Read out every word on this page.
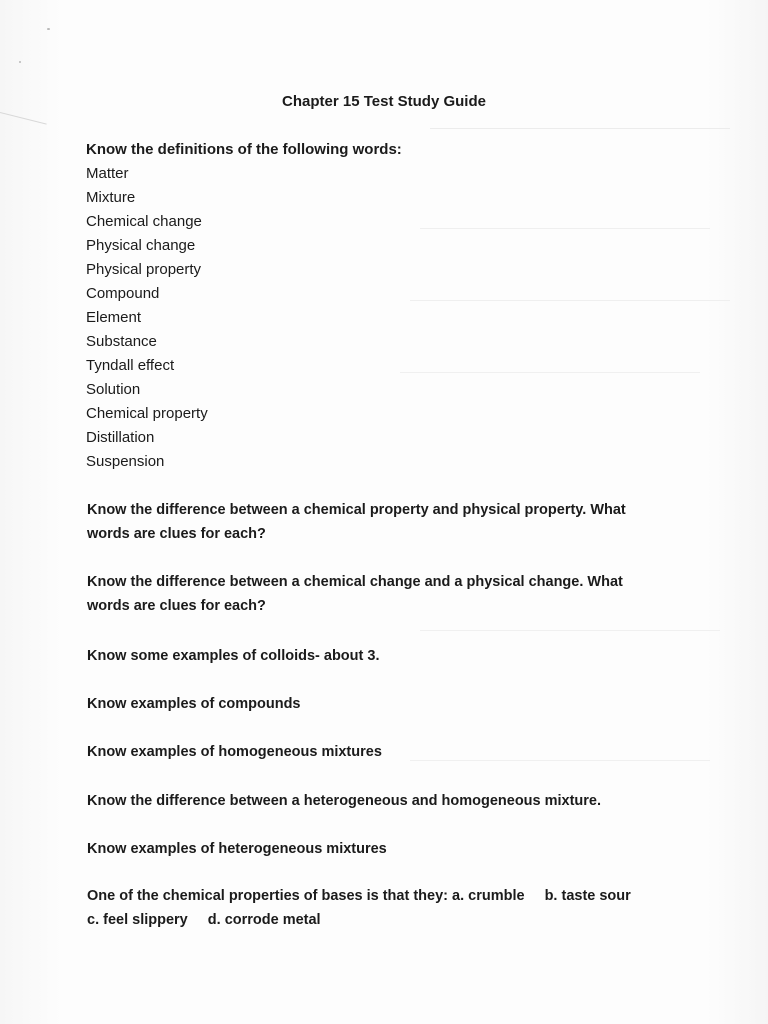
Chapter 15 Test Study Guide
Know the definitions of the following words:
Matter
Mixture
Chemical change
Physical change
Physical property
Compound
Element
Substance
Tyndall effect
Solution
Chemical property
Distillation
Suspension
Know the difference between a chemical property and physical property. What
words are clues for each?
Know the difference between a chemical change and a physical change. What
words are clues for each?
Know some examples of colloids- about 3.
Know examples of compounds
Know examples of homogeneous mixtures
Know the difference between a heterogeneous and homogeneous mixture.
Know examples of heterogeneous mixtures
One of the chemical properties of bases is that they: a. crumble b. taste sour
c. feel slippery d. corrode metal
